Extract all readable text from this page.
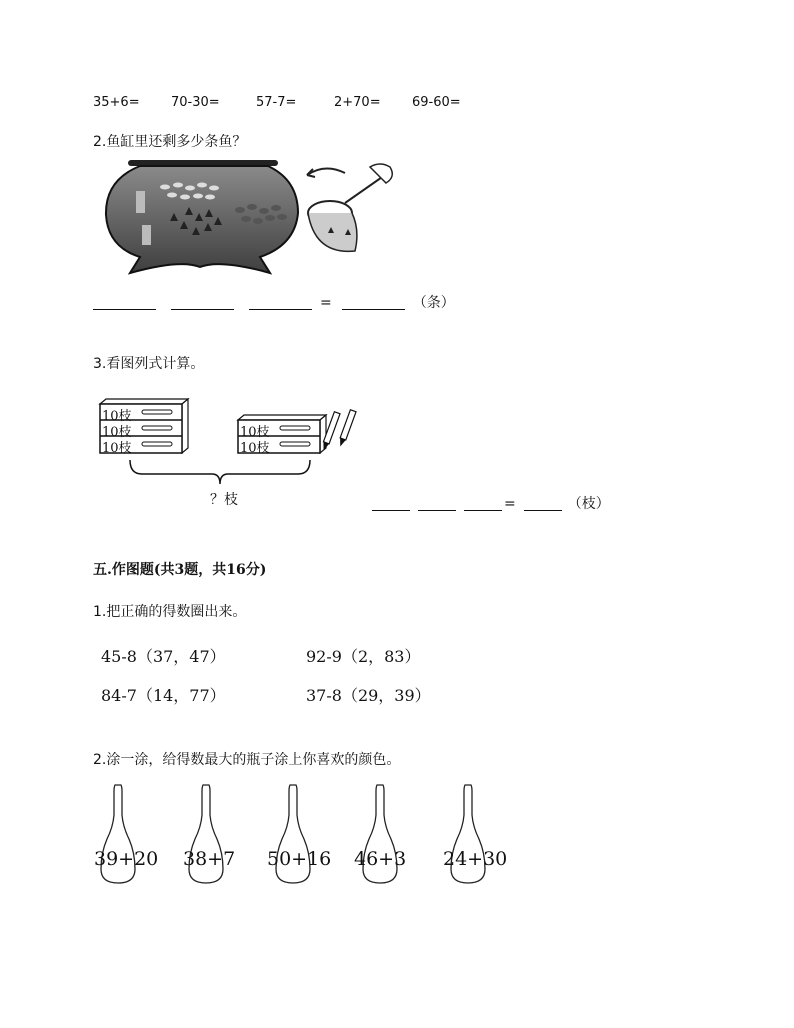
35+6= 70-30=	57-7=	2+70= 69-60=
2.鱼缸里还剩多少条鱼？
=	（条）
3.看图列式计算。
10枝
10枝
10枝
10枝
10枝
？枝	=	（枝）
五.作图题(共3题，共16分)
1.把正确的得数圈出来。
45-8（37，47）	92-9（2，83）
84-7（14，77）	37-8（29，39）
2.涂一涂，给得数最大的瓶子涂上你喜欢的颜色。
39+20 38+7 50+16 46+3 24+30
